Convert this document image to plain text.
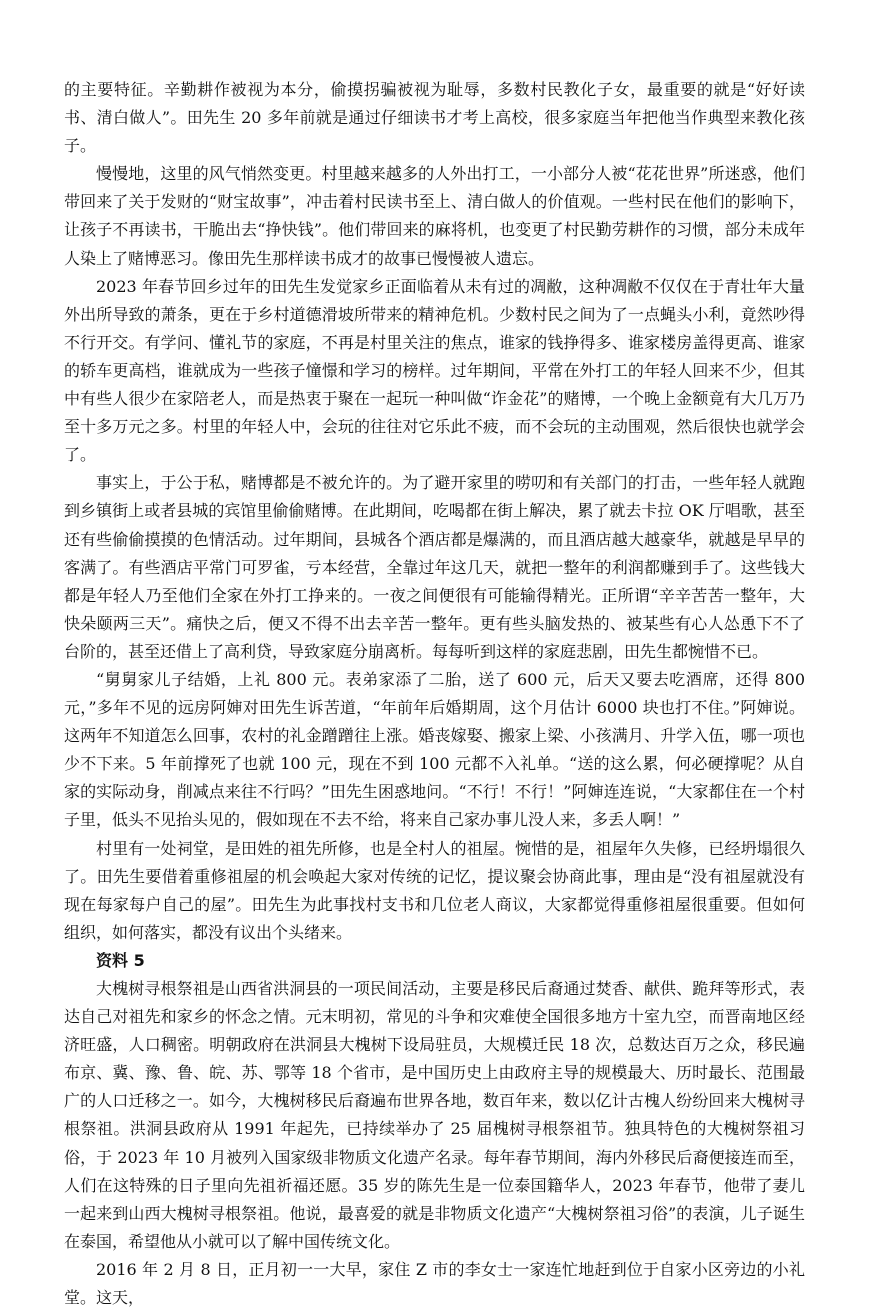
的主要特征。辛勤耕作被视为本分，偷摸拐骗被视为耻辱，多数村民教化子女，最重要的就是“好好读书、清白做人”。田先生 20 多年前就是通过仔细读书才考上高校，很多家庭当年把他当作典型来教化孩子。

慢慢地，这里的风气悄然变更。村里越来越多的人外出打工，一小部分人被“花花世界”所迷惑，他们带回来了关于发财的“财宝故事”，冲击着村民读书至上、清白做人的价值观。一些村民在他们的影响下，让孩子不再读书，干脆出去“挣快钱”。他们带回来的麻将机，也变更了村民勤劳耕作的习惯，部分未成年人染上了赌博恶习。像田先生那样读书成才的故事已慢慢被人遗忘。

2023 年春节回乡过年的田先生发觉家乡正面临着从未有过的凋敝，这种凋敝不仅仅在于青壮年大量外出所导致的萧条，更在于乡村道德滑坡所带来的精神危机。少数村民之间为了一点蝇头小利，竟然吵得不行开交。有学问、懂礼节的家庭，不再是村里关注的焦点，谁家的钱挣得多、谁家楼房盖得更高、谁家的轿车更高档，谁就成为一些孩子憧憬和学习的榜样。过年期间，平常在外打工的年轻人回来不少，但其中有些人很少在家陪老人，而是热衷于聚在一起玩一种叫做“诈金花”的赌博，一个晚上金额竟有大几万乃至十多万元之多。村里的年轻人中，会玩的往往对它乐此不疲，而不会玩的主动围观，然后很快也就学会了。

事实上，于公于私，赌博都是不被允许的。为了避开家里的唠叨和有关部门的打击，一些年轻人就跑到乡镇街上或者县城的宾馆里偷偷赌博。在此期间，吃喝都在街上解决，累了就去卡拉 OK 厅唱歌，甚至还有些偷偷摸摸的色情活动。过年期间，县城各个酒店都是爆满的，而且酒店越大越豪华，就越是早早的客满了。有些酒店平常门可罗雀，亏本经营，全靠过年这几天，就把一整年的利润都赚到手了。这些钱大都是年轻人乃至他们全家在外打工挣来的。一夜之间便很有可能输得精光。正所谓“辛辛苦苦一整年，大快朵颐两三天”。痛快之后，便又不得不出去辛苦一整年。更有些头脑发热的、被某些有心人怂恿下不了台阶的，甚至还借上了高利贷，导致家庭分崩离析。每每听到这样的家庭悲剧，田先生都惋惜不已。

“舅舅家儿子结婚，上礼 800 元。表弟家添了二胎，送了 600 元，后天又要去吃酒席，还得 800 元，”多年不见的远房阿婶对田先生诉苦道，“年前年后婚期周，这个月估计 6000 块也打不住。”阿婶说。这两年不知道怎么回事，农村的礼金蹭蹭往上涨。婚丧嫁娶、搬家上梁、小孩满月、升学入伍，哪一项也少不下来。5 年前撑死了也就 100 元，现在不到 100 元都不入礼单。“送的这么累，何必硬撑呢？从自家的实际动身，削减点来往不行吗？”田先生困惑地问。“不行！不行！”阿婶连连说，“大家都住在一个村子里，低头不见抬头见的，假如现在不去不给，将来自己家办事儿没人来，多丢人啊！”

村里有一处祠堂，是田姓的祖先所修，也是全村人的祖屋。惋惜的是，祖屋年久失修，已经坍塌很久了。田先生要借着重修祖屋的机会唤起大家对传统的记忆，提议聚会协商此事，理由是“没有祖屋就没有现在每家每户自己的屋”。田先生为此事找村支书和几位老人商议，大家都觉得重修祖屋很重要。但如何组织，如何落实，都没有议出个头绪来。

资料 5

大槐树寻根祭祖是山西省洪洞县的一项民间活动，主要是移民后裔通过焚香、献供、跪拜等形式，表达自己对祖先和家乡的怀念之情。元末明初，常见的斗争和灾难使全国很多地方十室九空，而晋南地区经济旺盛，人口稠密。明朝政府在洪洞县大槐树下设局驻员，大规模迁民 18 次，总数达百万之众，移民遍布京、冀、豫、鲁、皖、苏、鄂等 18 个省市，是中国历史上由政府主导的规模最大、历时最长、范围最广的人口迁移之一。如今，大槐树移民后裔遍布世界各地，数百年来，数以亿计古槐人纷纷回来大槐树寻根祭祖。洪洞县政府从 1991 年起先，已持续举办了 25 届槐树寻根祭祖节。独具特色的大槐树祭祖习俗，于 2023 年 10 月被列入国家级非物质文化遗产名录。每年春节期间，海内外移民后裔便接连而至，人们在这特殊的日子里向先祖祈福还愿。35 岁的陈先生是一位泰国籍华人，2023 年春节，他带了妻儿一起来到山西大槐树寻根祭祖。他说，最喜爱的就是非物质文化遗产“大槐树祭祖习俗”的表演，儿子诞生在泰国，希望他从小就可以了解中国传统文化。

2016 年 2 月 8 日，正月初一一大早，家住 Z 市的李女士一家连忙地赶到位于自家小区旁边的小礼堂。这天，
